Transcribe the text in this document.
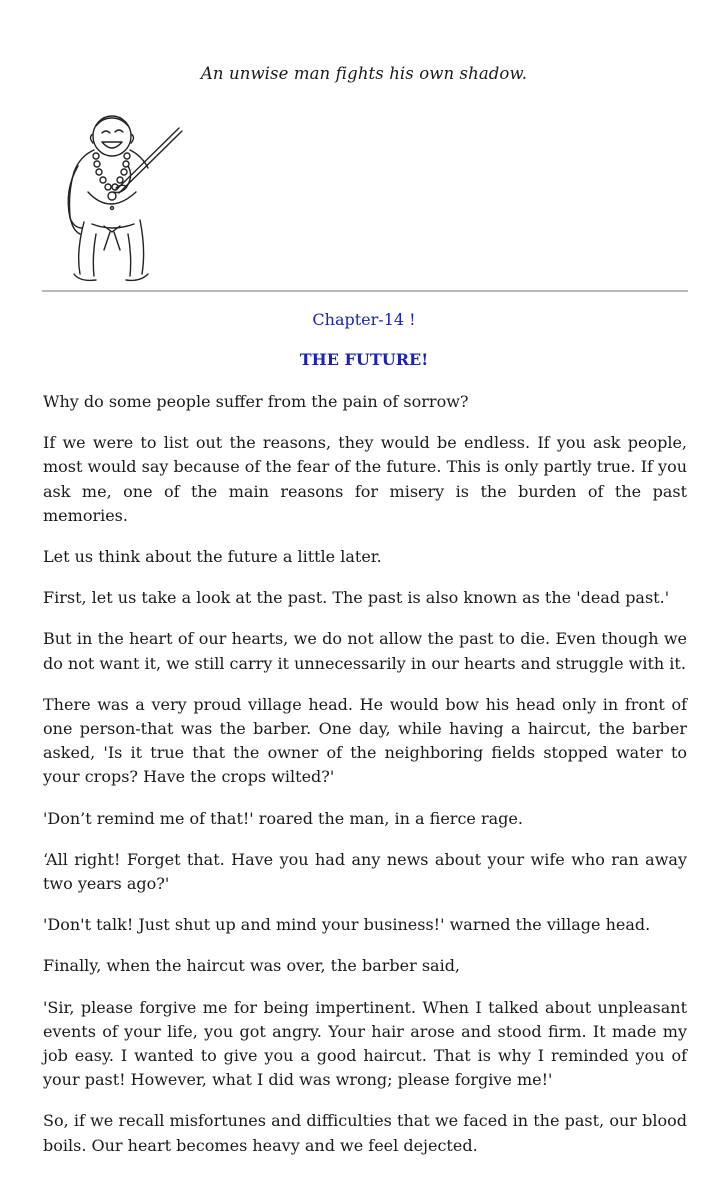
An unwise man fights his own shadow.
Chapter-14 !
THE FUTURE!

Why do some people suffer from the pain of sorrow?

If we were to list out the reasons, they would be endless. If you ask people, most would say because of the fear of the future. This is only partly true. If you ask me, one of the main reasons for misery is the burden of the past memories.

Let us think about the future a little later.

First, let us take a look at the past. The past is also known as the 'dead past.'

But in the heart of our hearts, we do not allow the past to die. Even though we do not want it, we still carry it unnecessarily in our hearts and struggle with it.

There was a very proud village head. He would bow his head only in front of one person-that was the barber. One day, while having a haircut, the barber asked, 'Is it true that the owner of the neighboring fields stopped water to your crops? Have the crops wilted?'

'Don’t remind me of that!' roared the man, in a fierce rage.

‘All right! Forget that. Have you had any news about your wife who ran away two years ago?'

'Don't talk! Just shut up and mind your business!' warned the village head.

Finally, when the haircut was over, the barber said,

'Sir, please forgive me for being impertinent. When I talked about unpleasant events of your life, you got angry. Your hair arose and stood firm. It made my job easy. I wanted to give you a good haircut. That is why I reminded you of your past! However, what I did was wrong; please forgive me!'

So, if we recall misfortunes and difficulties that we faced in the past, our blood boils. Our heart becomes heavy and we feel dejected.
